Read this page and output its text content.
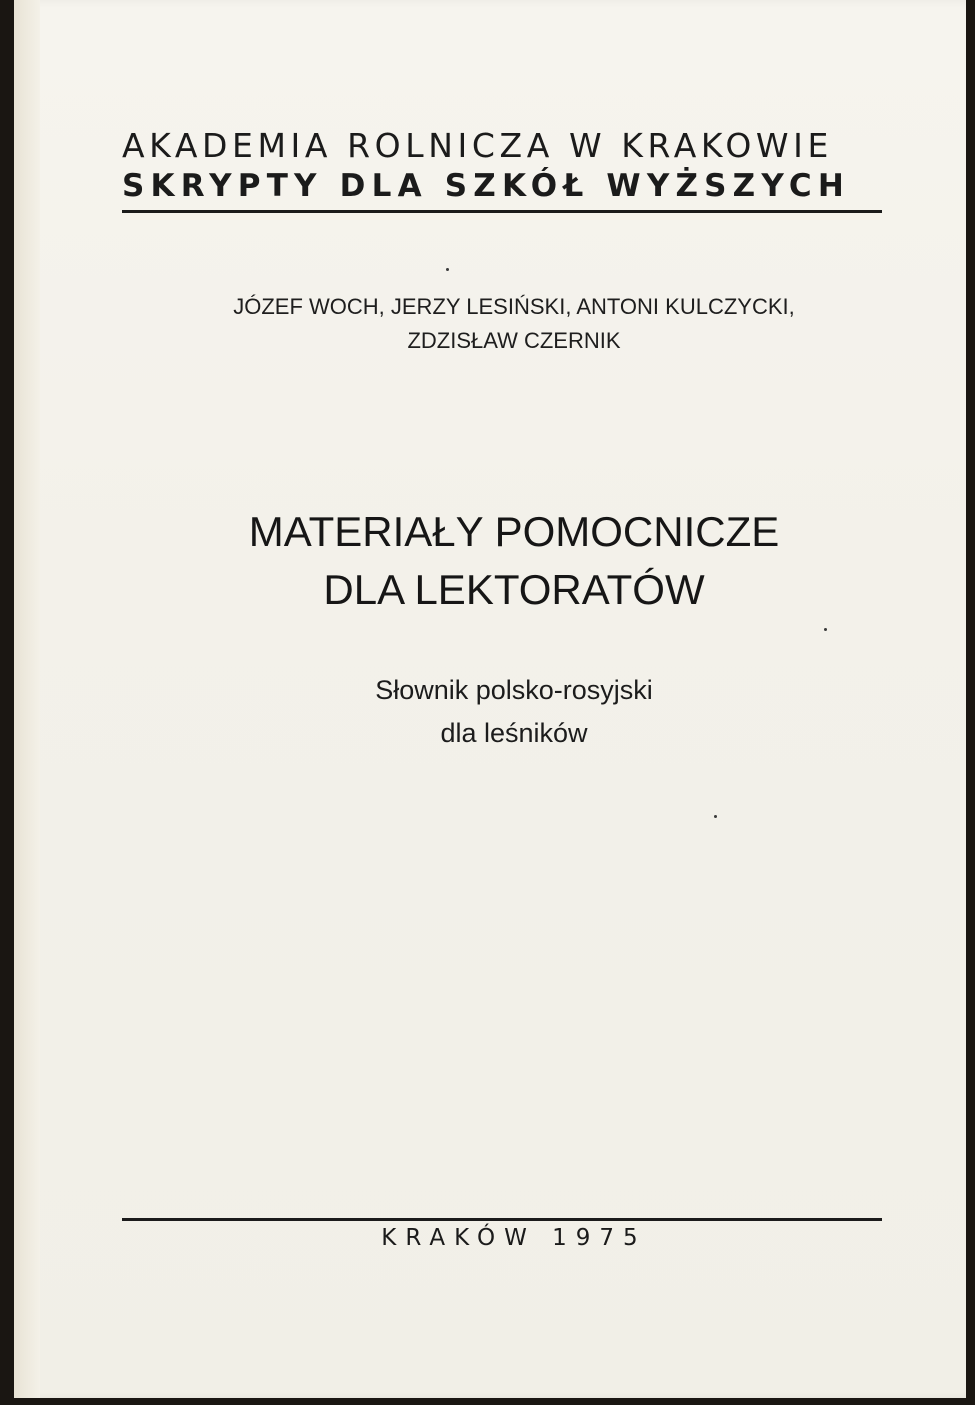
AKADEMIA ROLNICZA W KRAKOWIE
SKRYPTY DLA SZKÓŁ WYŻSZYCH
JÓZEF WOCH, JERZY LESIŃSKI, ANTONI KULCZYCKI,
ZDZISŁAW CZERNIK
MATERIAŁY POMOCNICZE
DLA LEKTORATÓW
Słownik polsko-rosyjski
dla leśników
KRAKÓW 1975
